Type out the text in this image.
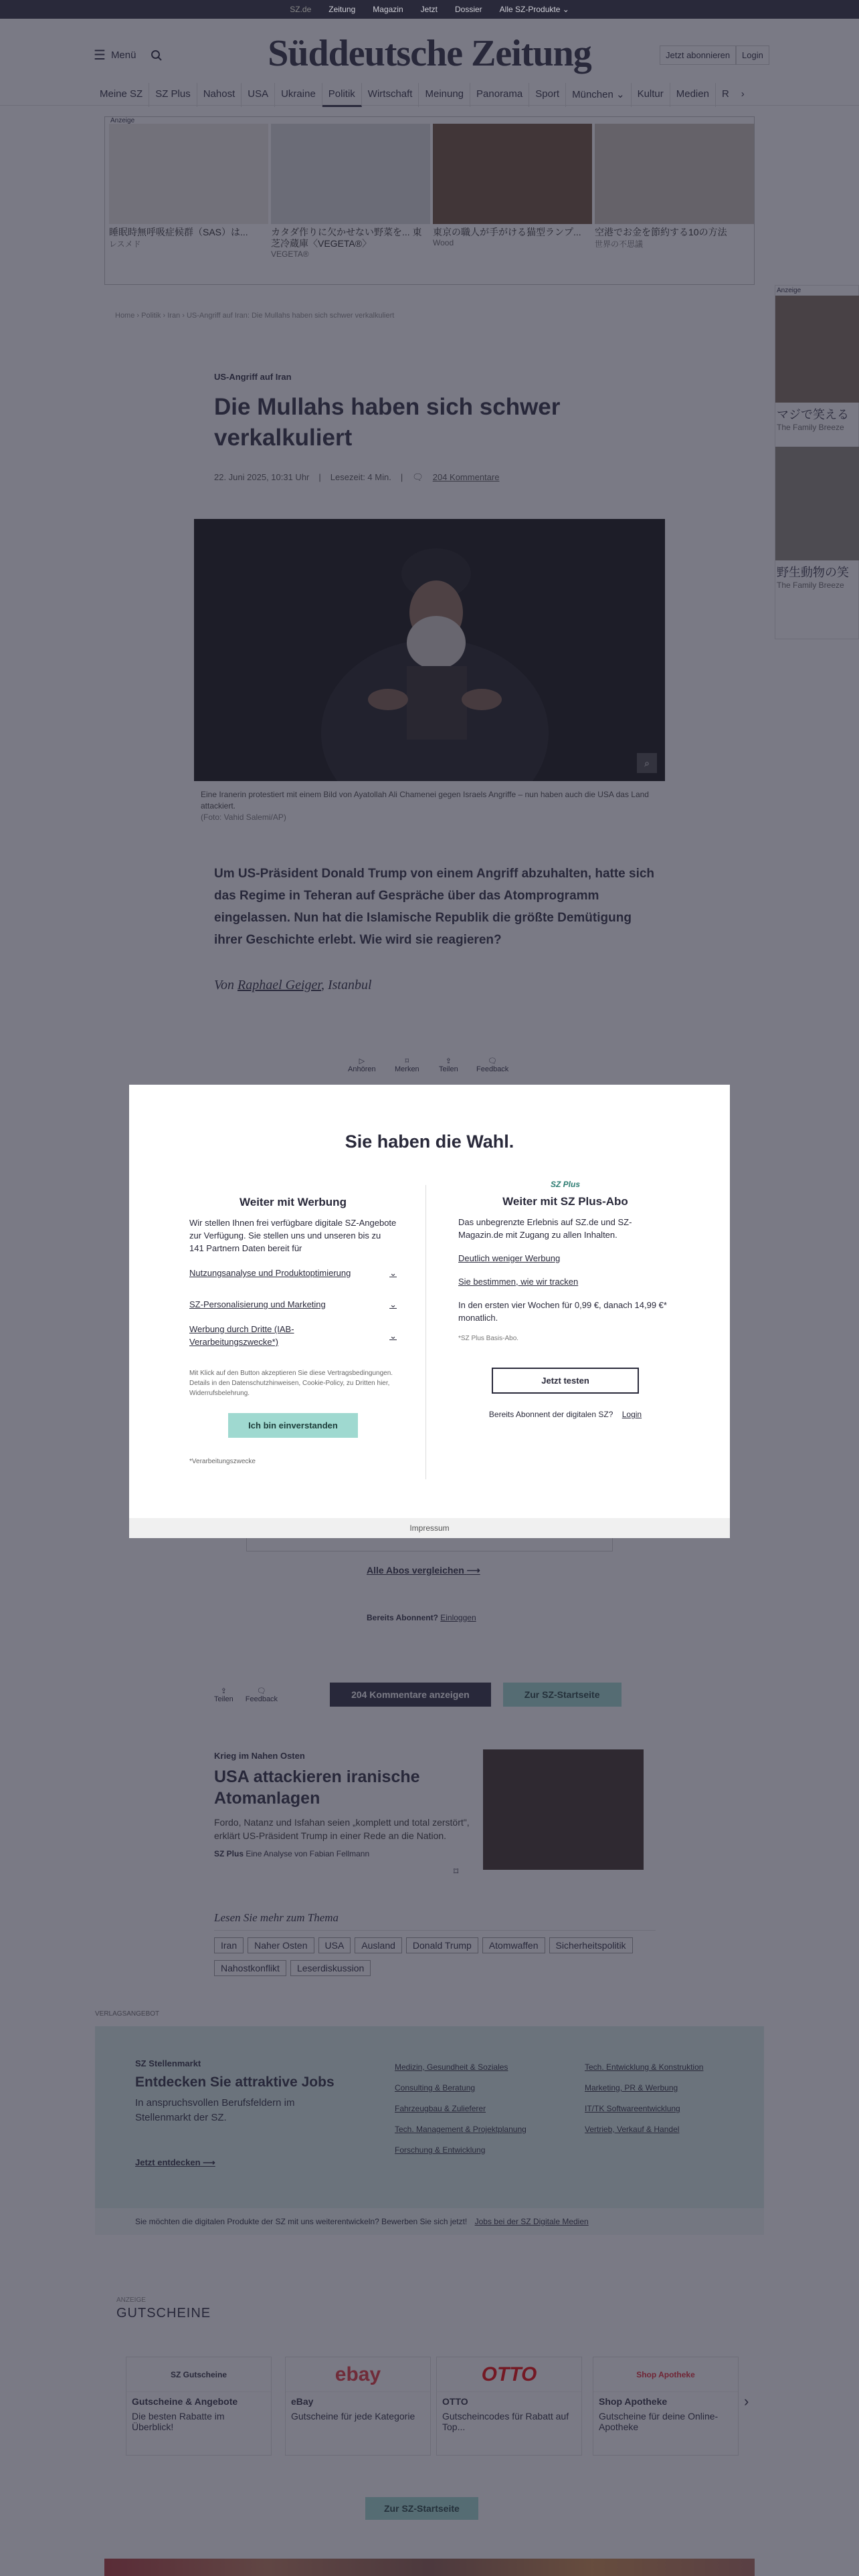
SZ.de Zeitung Magazin Jetzt Dossier Alle SZ-Produkte ⌄
Sie haben die Wahl.
Weiter mit Werbung
Wir stellen Ihnen frei verfügbare digitale SZ-Angebote zur Verfügung. Sie stellen uns und unseren bis zu 141 Partnern Daten bereit für
Nutzungsanalyse und Produktoptimierung	⌄
SZ-Personalisierung und Marketing	⌄
Werbung durch Dritte (IAB-Verarbeitungszwecke*)
⌄
Mit Klick auf den Button akzeptieren Sie diese Vertragsbedingungen. Details in den Datenschutzhinweisen, Cookie-Policy, zu Dritten hier, Widerrufsbelehrung.
Ich bin einverstanden
*Verarbeitungszwecke
SZ Plus
Weiter mit SZ Plus-Abo
Das unbegrenzte Erlebnis auf SZ.de und SZ-Magazin.de mit Zugang zu allen Inhalten.
Deutlich weniger Werbung
Sie bestimmen, wie wir tracken
In den ersten vier Wochen für 0,99 €, danach 14,99 €* monatlich.
*SZ Plus Basis-Abo.
Jetzt testen
Bereits Abonnent der digitalen SZ? Login
Impressum
